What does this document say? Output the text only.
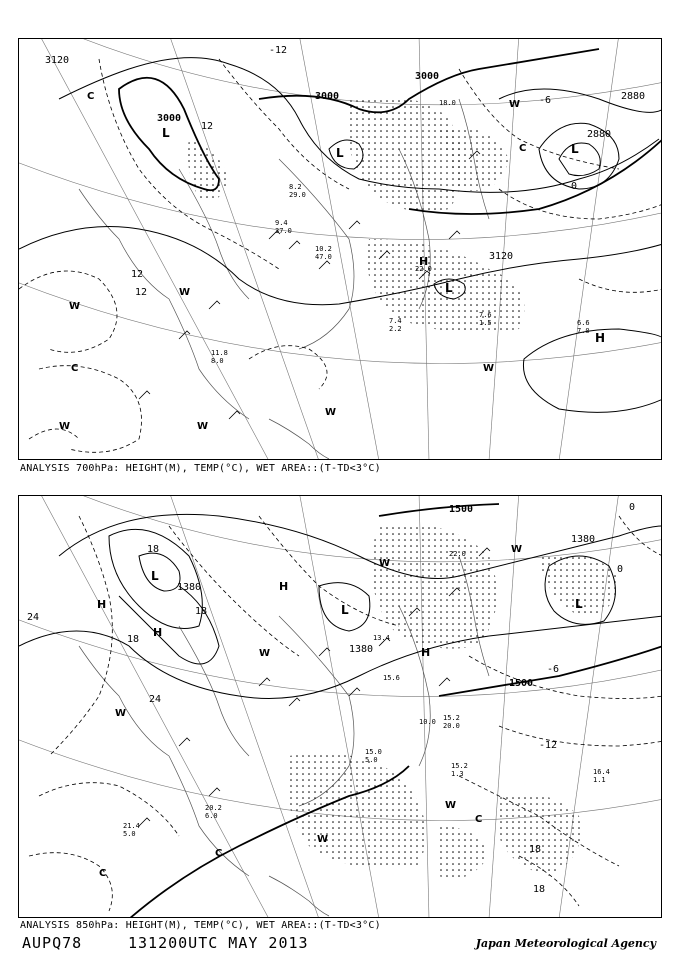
3120
3000
3000
3000
2880
2880
3120
L
L	L
L
H
H
C
C
C
W
W
W
W	W
W
W
-12
12
12
12
0
-6
9.4
37.0
10.2
47.0
8.2
29.0
7.4
2.2
7.6
1.5	6.6
7.0
11.8
8.0
18.0
22.0
ANALYSIS 700hPa: HEIGHT(M), TEMP(°C), WET AREA::(T-TD<3°C)
1500
1380
1380
1380
1500
L
L	L
H
H
H
H
C
C
C
W
W
W
W
W
W
24
18
18
24
18
18
18
-12
0
-6
0
15.0
5.0
15.2
1.3
20.2
6.0
21.4
5.0
15.2
20.0
13.4
10.0
15.6
22.0
16.4
1.1
ANALYSIS 850hPa: HEIGHT(M), TEMP(°C), WET AREA::(T-TD<3°C)
AUPQ78	131200UTC MAY 2013	Japan Meteorological Agency
